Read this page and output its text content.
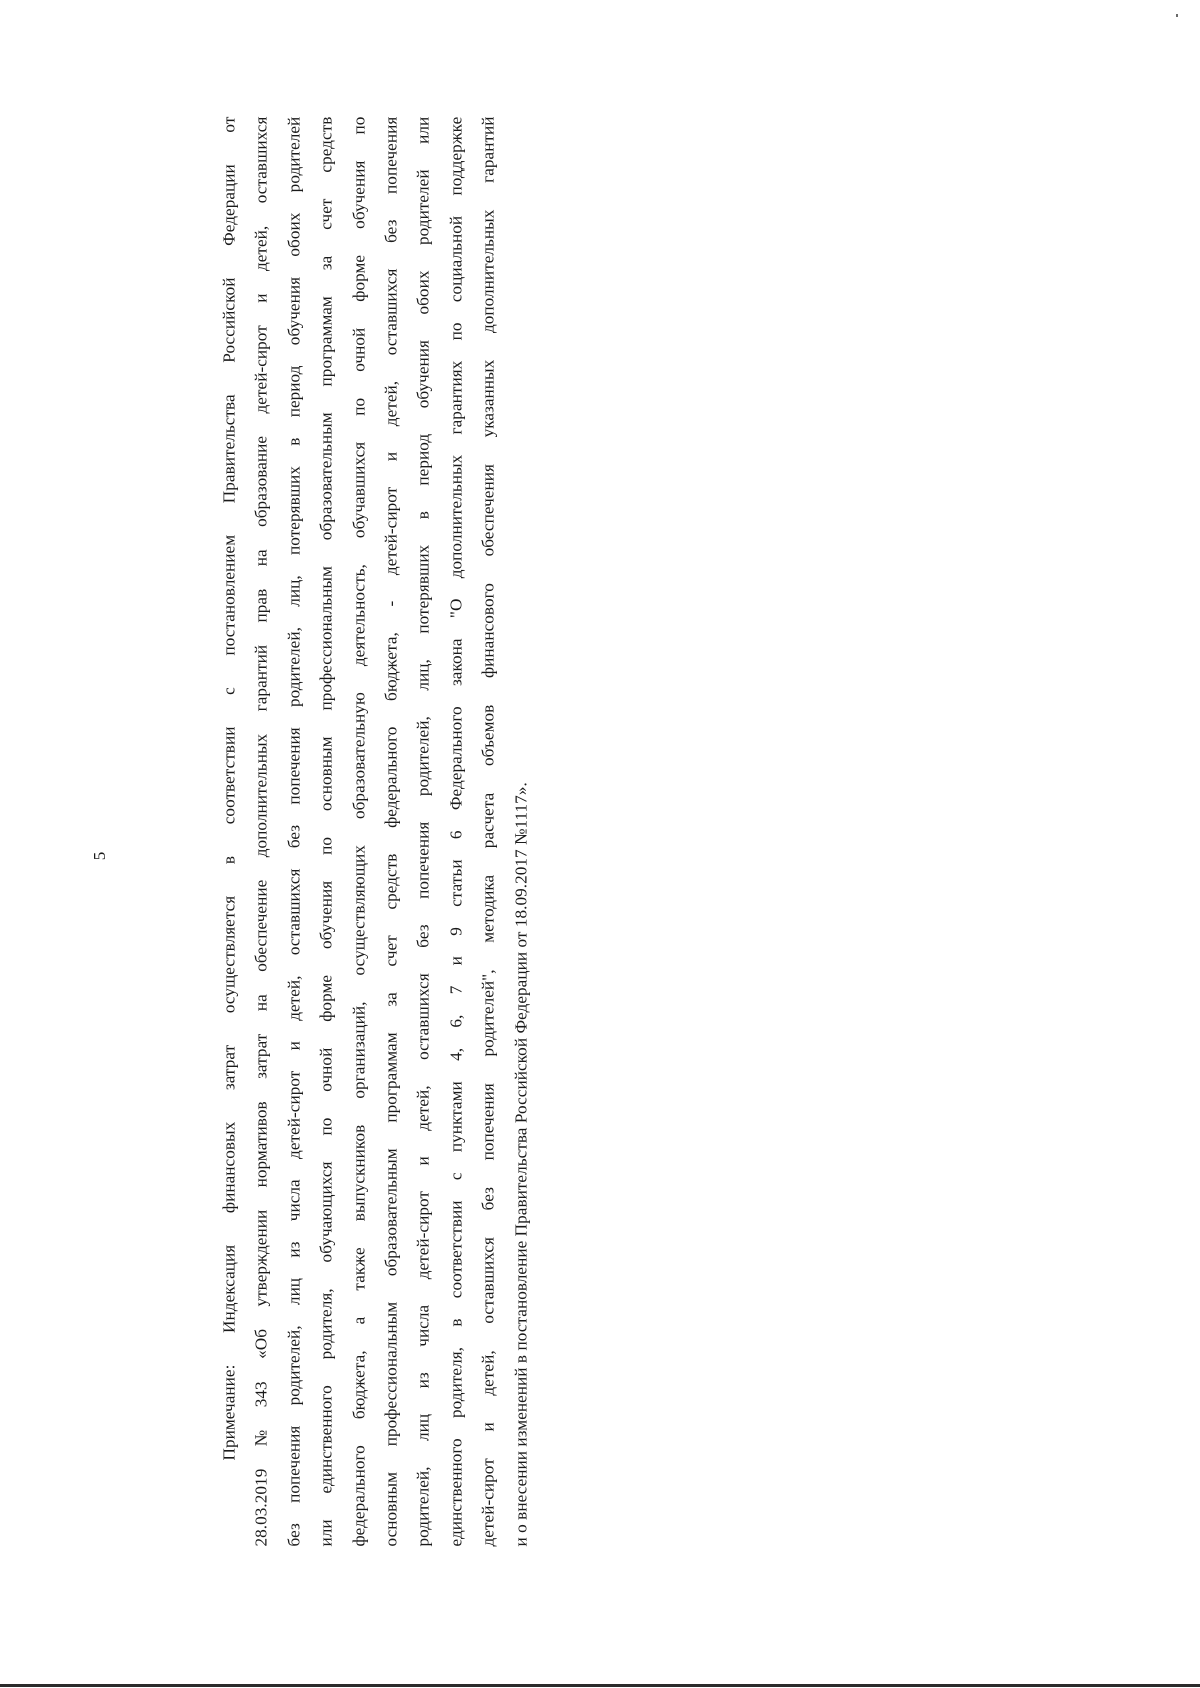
5
Примечание:
Индексация
финансовых
затрат
осуществляется
в
соответствии
с
постановлением
Правительства
Российской
Федерации
от
28.03.2019
№
343
«Об
утверждении
нормативов
затрат
на
обеспечение
дополнительных
гарантий
прав
на
образование
детей-сирот
и
детей,
оставшихся
без
попечения
родителей,
лиц
из
числа
детей-сирот
и
детей,
оставшихся
без
попечения
родителей,
лиц,
потерявших
в
период
обучения
обоих
родителей
или
единственного
родителя,
обучающихся
по
очной
форме
обучения
по
основным
профессиональным
образовательным
программам
за
счет
средств
федерального
бюджета,
а
также
выпускников
организаций,
осуществляющих
образовательную
деятельность,
обучавшихся
по
очной
форме
обучения
по
основным
профессиональным
образовательным
программам
за
счет
средств
федерального
бюджета,
-
детей-сирот
и
детей,
оставшихся
без
попечения
родителей,
лиц
из
числа
детей-сирот
и
детей,
оставшихся
без
попечения
родителей,
лиц,
потерявших
в
период
обучения
обоих
родителей
или
единственного
родителя,
в
соответствии
с
пунктами
4,
6,
7
и
9
статьи
6
Федерального
закона
"О
дополнительных
гарантиях
по
социальной
поддержке
детей-сирот
и
детей,
оставшихся
без
попечения
родителей",
методика
расчета
объемов
финансового
обеспечения
указанных
дополнительных
гарантий
и
о
внесении
изменений
в
постановление
Правительства
Российской
Федерации
от
18.09.2017
№1117».
